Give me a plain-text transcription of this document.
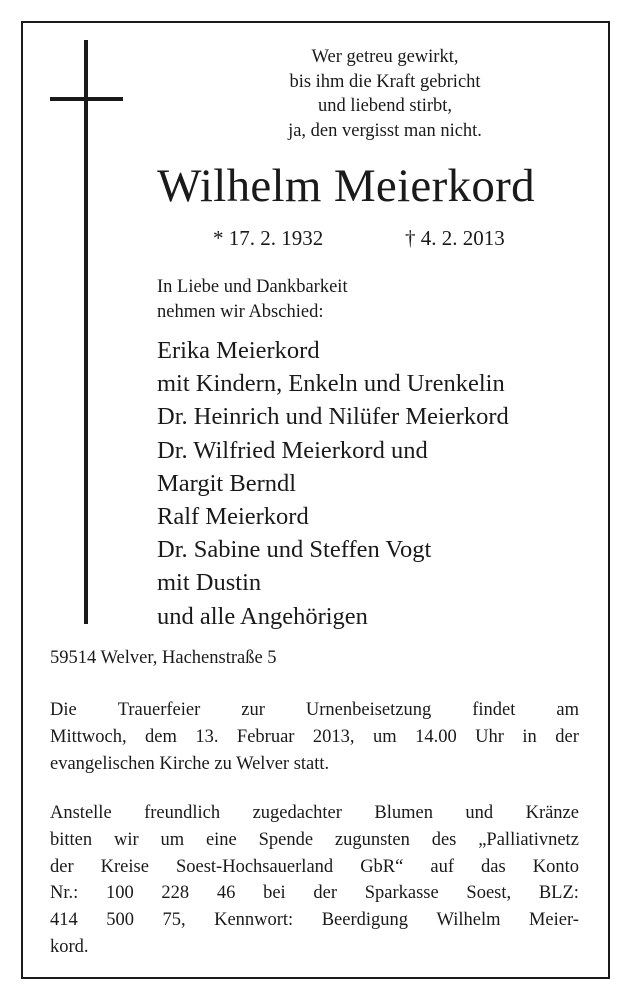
Wer getreu gewirkt,
bis ihm die Kraft gebricht
und liebend stirbt,
ja, den vergisst man nicht.
Wilhelm Meierkord
* 17. 2. 1932	† 4. 2. 2013
In Liebe und Dankbarkeit
nehmen wir Abschied:
Erika Meierkord
mit Kindern, Enkeln und Urenkelin
Dr. Heinrich und Nilüfer Meierkord
Dr. Wilfried Meierkord und
Margit Berndl
Ralf Meierkord
Dr. Sabine und Steffen Vogt
mit Dustin
und alle Angehörigen
59514 Welver, Hachenstraße 5
Die Trauerfeier zur Urnenbeisetzung findet am
Mittwoch, dem 13. Februar 2013, um 14.00 Uhr in der
evangelischen Kirche zu Welver statt.
Anstelle freundlich zugedachter Blumen und Kränze
bitten wir um eine Spende zugunsten des „Palliativnetz
der Kreise Soest-Hochsauerland GbR“ auf das Konto
Nr.: 100 228 46 bei der Sparkasse Soest, BLZ:
414 500 75, Kennwort: Beerdigung Wilhelm Meier-
kord.
